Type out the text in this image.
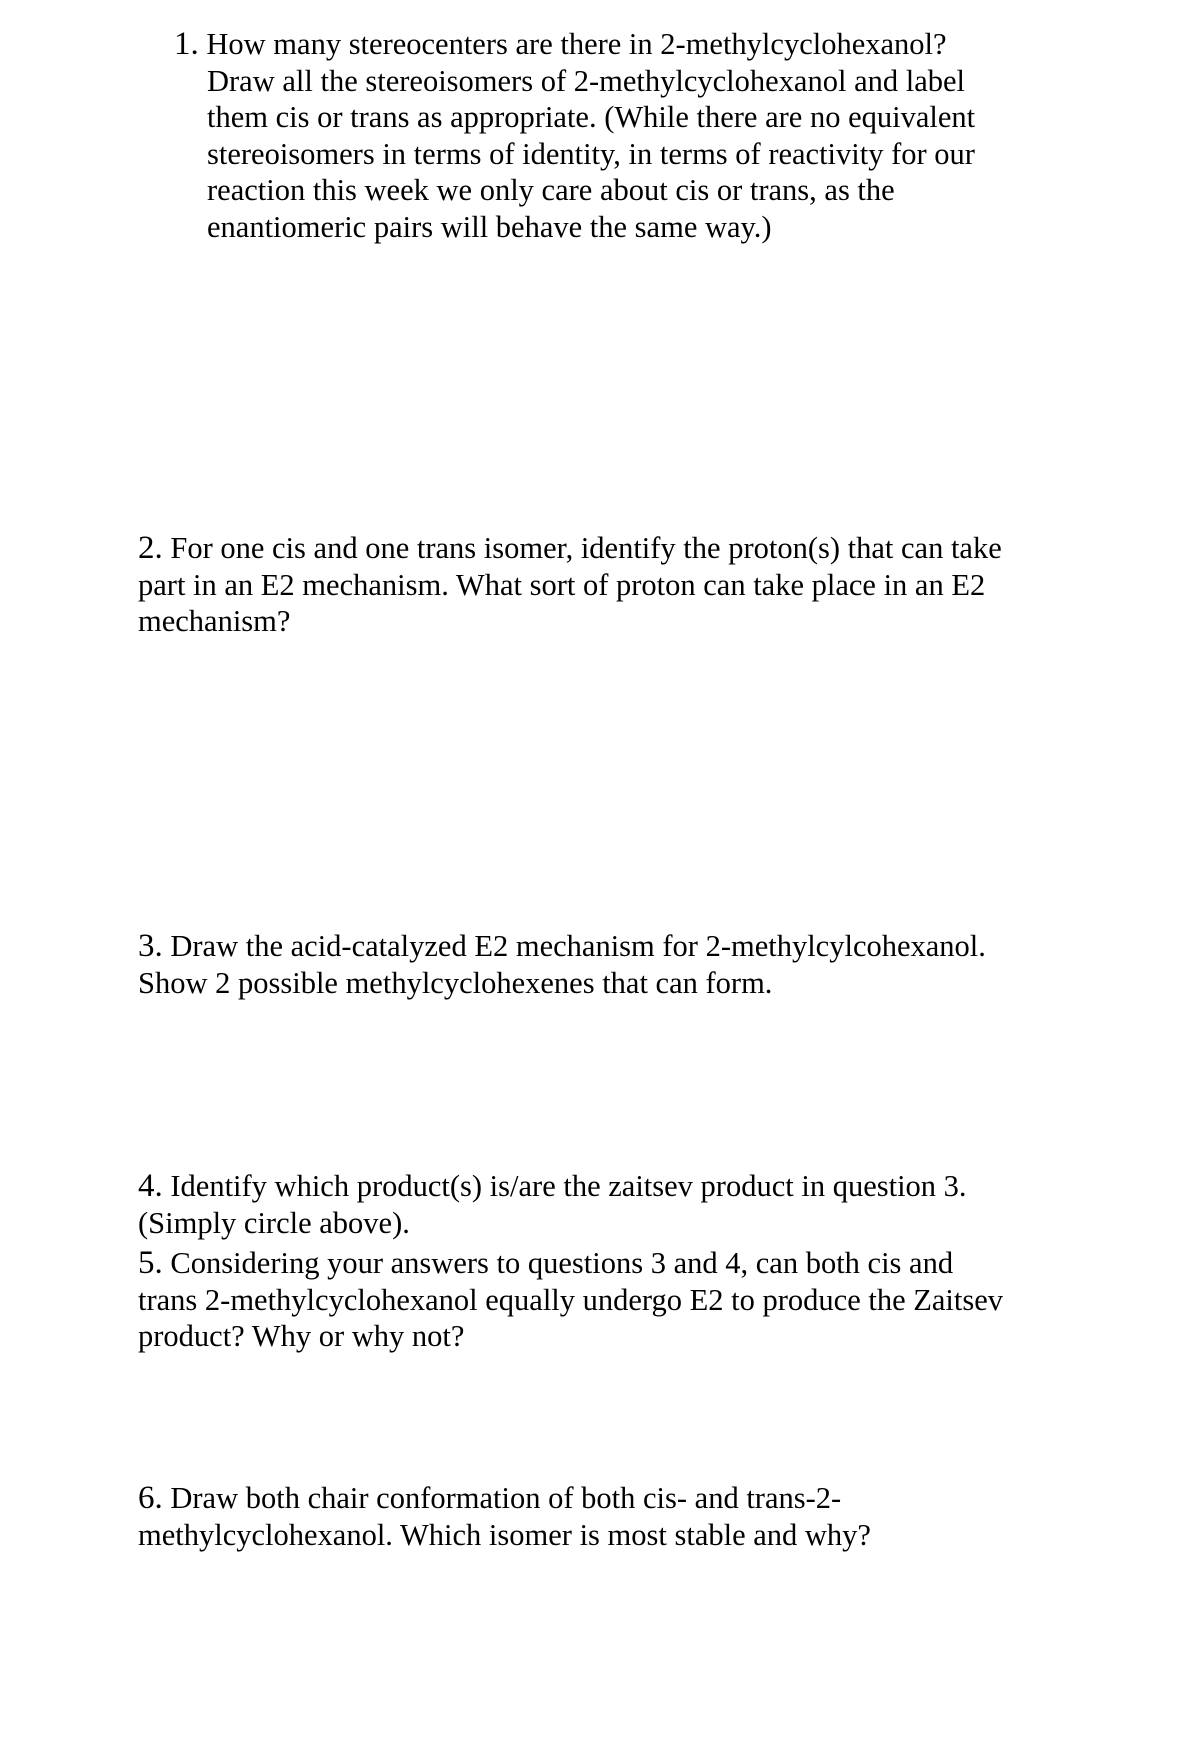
1. How many stereocenters are there in 2-methylcyclohexanol?
Draw all the stereoisomers of 2-methylcyclohexanol and label
them cis or trans as appropriate. (While there are no equivalent
stereoisomers in terms of identity, in terms of reactivity for our
reaction this week we only care about cis or trans, as the
enantiomeric pairs will behave the same way.)
2. For one cis and one trans isomer, identify the proton(s) that can take
part in an E2 mechanism. What sort of proton can take place in an E2
mechanism?
3. Draw the acid-catalyzed E2 mechanism for 2-methylcylcohexanol.
Show 2 possible methylcyclohexenes that can form.
4. Identify which product(s) is/are the zaitsev product in question 3.
(Simply circle above).
5. Considering your answers to questions 3 and 4, can both cis and
trans 2-methylcyclohexanol equally undergo E2 to produce the Zaitsev
product? Why or why not?
6. Draw both chair conformation of both cis- and trans-2-
methylcyclohexanol. Which isomer is most stable and why?
